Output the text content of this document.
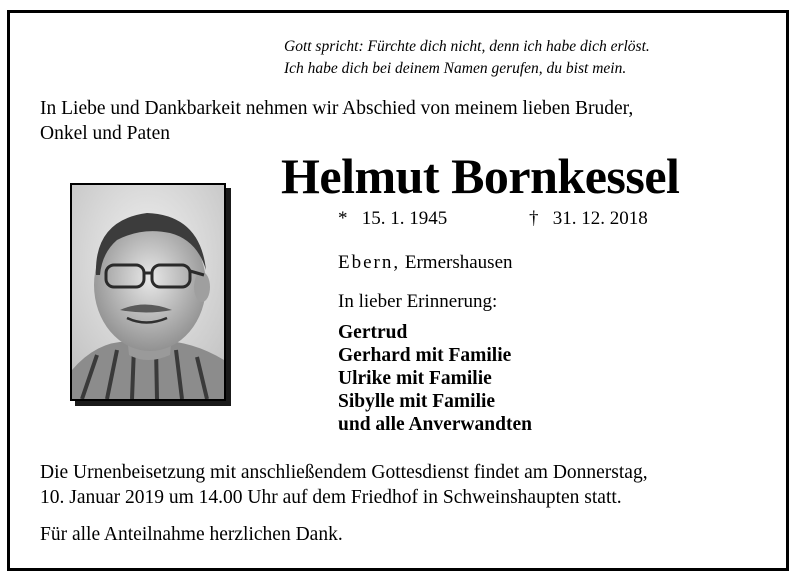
Gott spricht: Fürchte dich nicht, denn ich habe dich erlöst.
Ich habe dich bei deinem Namen gerufen, du bist mein.
In Liebe und Dankbarkeit nehmen wir Abschied von meinem lieben Bruder,
Onkel und Paten
Helmut Bornkessel
* 15. 1. 1945	† 31. 12. 2018
Ebern, Ermershausen
In lieber Erinnerung:
Gertrud
Gerhard mit Familie
Ulrike mit Familie
Sibylle mit Familie
und alle Anverwandten
Die Urnenbeisetzung mit anschließendem Gottesdienst findet am Donnerstag,
10. Januar 2019 um 14.00 Uhr auf dem Friedhof in Schweinshaupten statt.
Für alle Anteilnahme herzlichen Dank.
